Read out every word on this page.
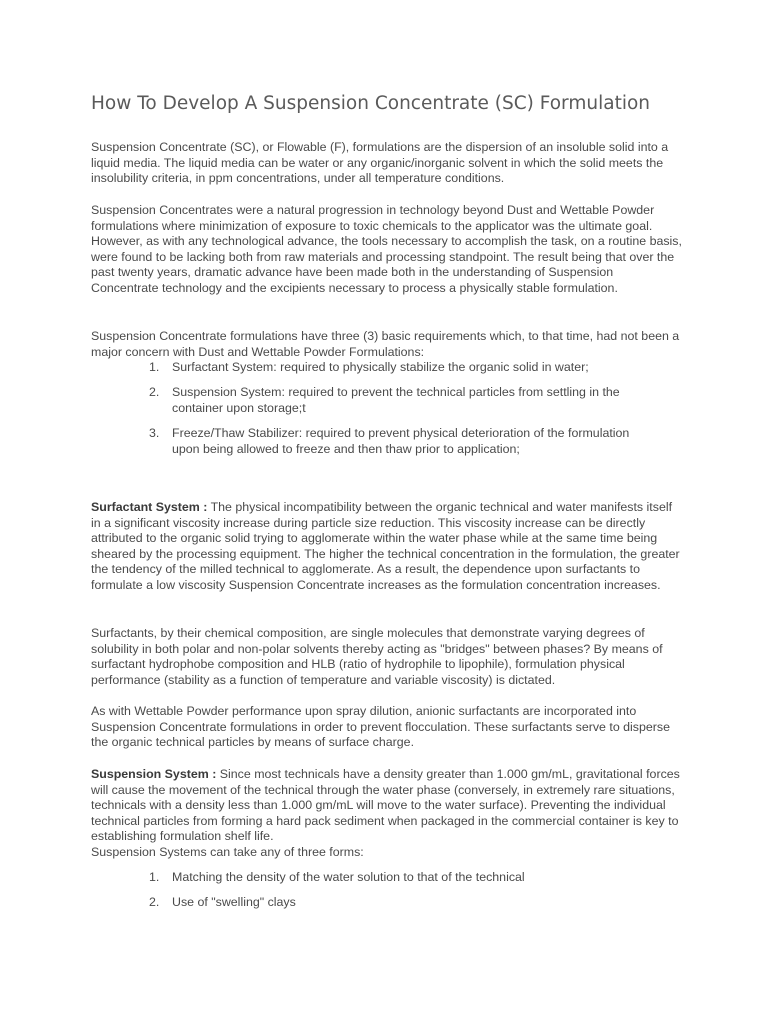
How To Develop A Suspension Concentrate (SC) Formulation

Suspension Concentrate (SC), or Flowable (F), formulations are the dispersion of an insoluble solid into a liquid media. The liquid media can be water or any organic/inorganic solvent in which the solid meets the insolubility criteria, in ppm concentrations, under all temperature conditions.

Suspension Concentrates were a natural progression in technology beyond Dust and Wettable Powder formulations where minimization of exposure to toxic chemicals to the applicator was the ultimate goal. However, as with any technological advance, the tools necessary to accomplish the task, on a routine basis, were found to be lacking both from raw materials and processing standpoint. The result being that over the past twenty years, dramatic advance have been made both in the understanding of Suspension Concentrate technology and the excipients necessary to process a physically stable formulation.

Suspension Concentrate formulations have three (3) basic requirements which, to that time, had not been a major concern with Dust and Wettable Powder Formulations:

1. Surfactant System: required to physically stabilize the organic solid in water;
2. Suspension System: required to prevent the technical particles from settling in the container upon storage;t
3. Freeze/Thaw Stabilizer: required to prevent physical deterioration of the formulation upon being allowed to freeze and then thaw prior to application;

Surfactant System : The physical incompatibility between the organic technical and water manifests itself in a significant viscosity increase during particle size reduction. This viscosity increase can be directly attributed to the organic solid trying to agglomerate within the water phase while at the same time being sheared by the processing equipment. The higher the technical concentration in the formulation, the greater the tendency of the milled technical to agglomerate. As a result, the dependence upon surfactants to formulate a low viscosity Suspension Concentrate increases as the formulation concentration increases.

Surfactants, by their chemical composition, are single molecules that demonstrate varying degrees of solubility in both polar and non-polar solvents thereby acting as "bridges" between phases? By means of surfactant hydrophobe composition and HLB (ratio of hydrophile to lipophile), formulation physical performance (stability as a function of temperature and variable viscosity) is dictated.

As with Wettable Powder performance upon spray dilution, anionic surfactants are incorporated into Suspension Concentrate formulations in order to prevent flocculation. These surfactants serve to disperse the organic technical particles by means of surface charge.

Suspension System : Since most technicals have a density greater than 1.000 gm/mL, gravitational forces will cause the movement of the technical through the water phase (conversely, in extremely rare situations, technicals with a density less than 1.000 gm/mL will move to the water surface). Preventing the individual technical particles from forming a hard pack sediment when packaged in the commercial container is key to establishing formulation shelf life.

Suspension Systems can take any of three forms:

1. Matching the density of the water solution to that of the technical
2. Use of "swelling" clays
